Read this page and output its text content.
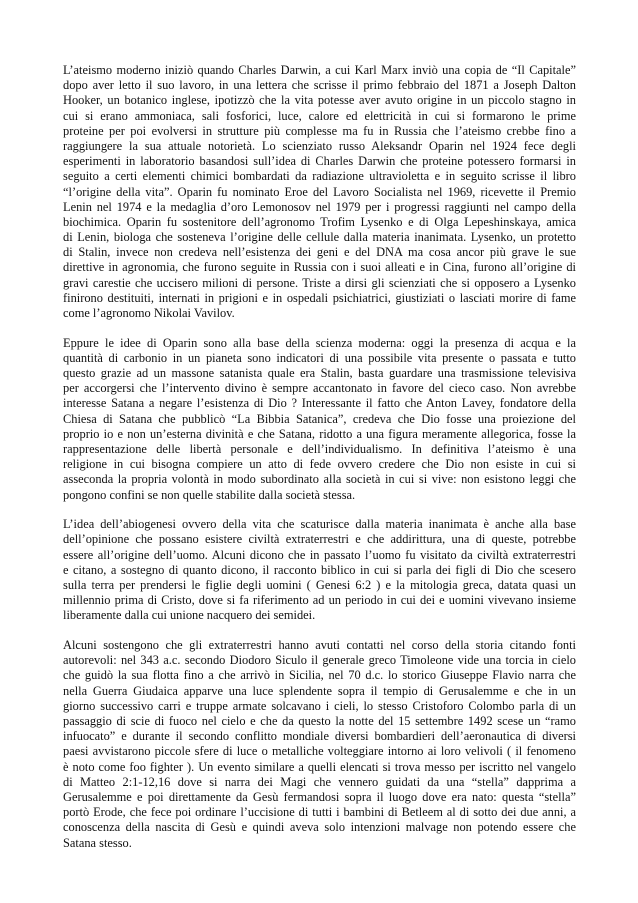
L’ateismo moderno iniziò quando Charles Darwin, a cui Karl Marx inviò una copia de “Il Capitale”
dopo aver letto il suo lavoro, in una lettera che scrisse il primo febbraio del 1871 a Joseph Dalton
Hooker, un botanico inglese, ipotizzò che la vita potesse aver avuto origine in un piccolo stagno in
cui si erano ammoniaca, sali fosforici, luce, calore ed elettricità in cui si formarono le prime
proteine per poi evolversi in strutture più complesse ma fu in Russia che l’ateismo crebbe fino a
raggiungere la sua attuale notorietà. Lo scienziato russo Aleksandr Oparin nel 1924 fece degli
esperimenti in laboratorio basandosi sull’idea di Charles Darwin che proteine potessero formarsi in
seguito a certi elementi chimici bombardati da radiazione ultravioletta e in seguito scrisse il libro
“l’origine della vita”. Oparin fu nominato Eroe del Lavoro Socialista nel 1969, ricevette il Premio
Lenin nel 1974 e la medaglia d’oro Lemonosov nel 1979 per i progressi raggiunti nel campo della
biochimica. Oparin fu sostenitore dell’agronomo Trofim Lysenko e di Olga Lepeshinskaya, amica
di Lenin, biologa che sosteneva l’origine delle cellule dalla materia inanimata. Lysenko, un protetto
di Stalin, invece non credeva nell’esistenza dei geni e del DNA ma cosa ancor più grave le sue
direttive in agronomia, che furono seguite in Russia con i suoi alleati e in Cina, furono all’origine di
gravi carestie che uccisero milioni di persone. Triste a dirsi gli scienziati che si opposero a Lysenko
finirono destituiti, internati in prigioni e in ospedali psichiatrici, giustiziati o lasciati morire di fame
come l’agronomo Nikolai Vavilov.

Eppure le idee di Oparin sono alla base della scienza moderna: oggi la presenza di acqua e la
quantità di carbonio in un pianeta sono indicatori di una possibile vita presente o passata e tutto
questo grazie ad un massone satanista quale era Stalin, basta guardare una trasmissione televisiva
per accorgersi che l’intervento divino è sempre accantonato in favore del cieco caso. Non avrebbe
interesse Satana a negare l’esistenza di Dio ? Interessante il fatto che Anton Lavey, fondatore della
Chiesa di Satana che pubblicò “La Bibbia Satanica”, credeva che Dio fosse una proiezione del
proprio io e non un’esterna divinità e che Satana, ridotto a una figura meramente allegorica, fosse la
rappresentazione delle libertà personale e dell’individualismo. In definitiva l’ateismo è una
religione in cui bisogna compiere un atto di fede ovvero credere che Dio non esiste in cui si
asseconda la propria volontà in modo subordinato alla società in cui si vive: non esistono leggi che
pongono confini se non quelle stabilite dalla società stessa.

L’idea dell’abiogenesi ovvero della vita che scaturisce dalla materia inanimata è anche alla base
dell’opinione che possano esistere civiltà extraterrestri e che addirittura, una di queste, potrebbe
essere all’origine dell’uomo. Alcuni dicono che in passato l’uomo fu visitato da civiltà extraterrestri
e citano, a sostegno di quanto dicono, il racconto biblico in cui si parla dei figli di Dio che scesero
sulla terra per prendersi le figlie degli uomini ( Genesi 6:2 ) e la mitologia greca, datata quasi un
millennio prima di Cristo, dove si fa riferimento ad un periodo in cui dei e uomini vivevano insieme
liberamente dalla cui unione nacquero dei semidei.

Alcuni sostengono che gli extraterrestri hanno avuti contatti nel corso della storia citando fonti
autorevoli: nel 343 a.c. secondo Diodoro Siculo il generale greco Timoleone vide una torcia in cielo
che guidò la sua flotta fino a che arrivò in Sicilia, nel 70 d.c. lo storico Giuseppe Flavio narra che
nella Guerra Giudaica apparve una luce splendente sopra il tempio di Gerusalemme e che in un
giorno successivo carri e truppe armate solcavano i cieli, lo stesso Cristoforo Colombo parla di un
passaggio di scie di fuoco nel cielo e che da questo la notte del 15 settembre 1492 scese un “ramo
infuocato” e durante il secondo conflitto mondiale diversi bombardieri dell’aeronautica di diversi
paesi avvistarono piccole sfere di luce o metalliche volteggiare intorno ai loro velivoli ( il fenomeno
è noto come foo fighter ). Un evento similare a quelli elencati si trova messo per iscritto nel vangelo
di Matteo 2:1-12,16 dove si narra dei Magi che vennero guidati da una “stella” dapprima a
Gerusalemme e poi direttamente da Gesù fermandosi sopra il luogo dove era nato: questa “stella”
portò Erode, che fece poi ordinare l’uccisione di tutti i bambini di Betleem al di sotto dei due anni, a
conoscenza della nascita di Gesù e quindi aveva solo intenzioni malvage non potendo essere che
Satana stesso.
